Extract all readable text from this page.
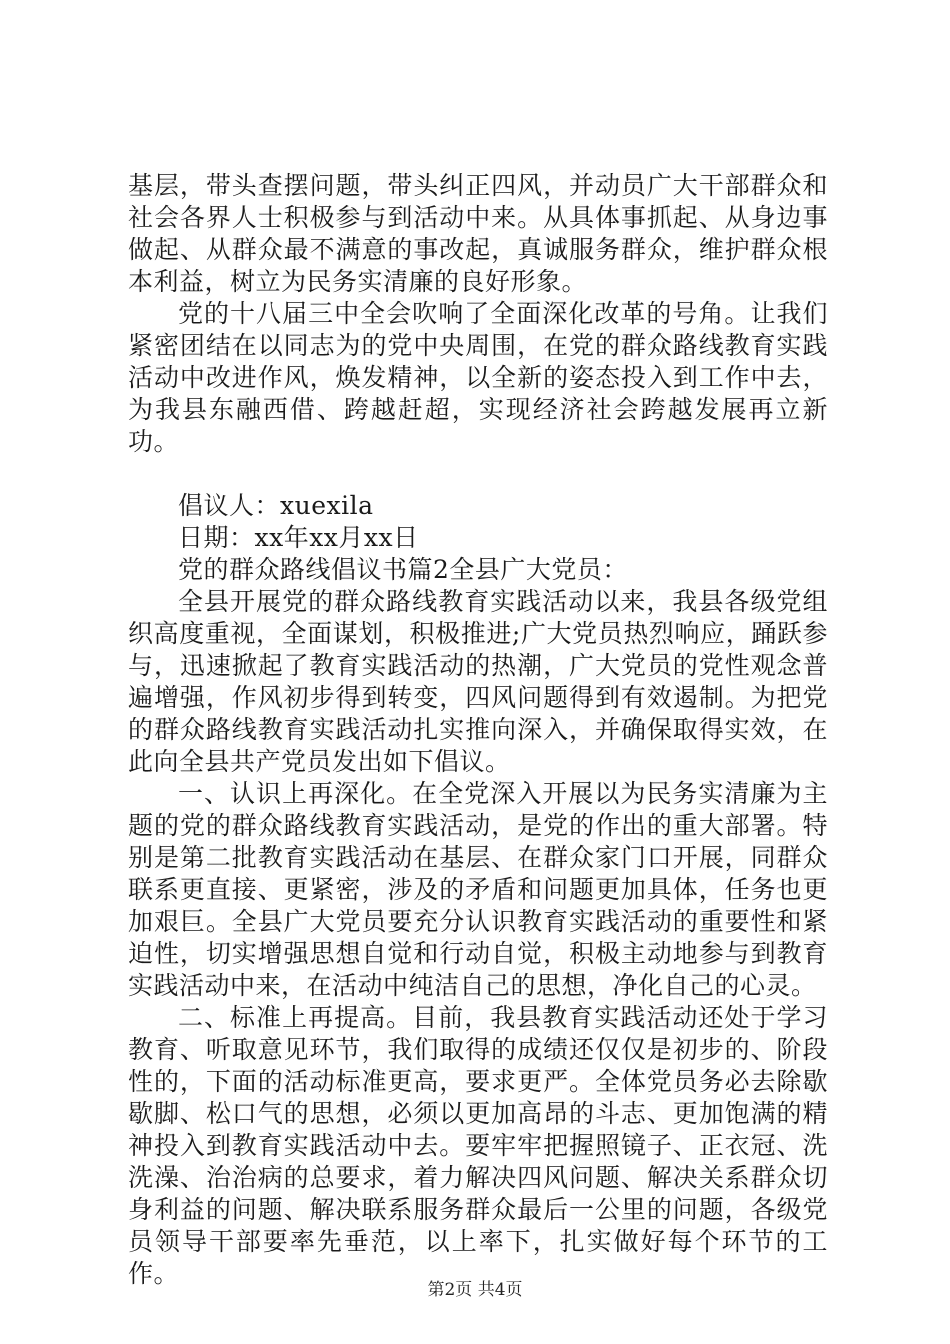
基层，带头查摆问题，带头纠正四风，并动员广大干部群众和社会各界人士积极参与到活动中来。从具体事抓起、从身边事做起、从群众最不满意的事改起，真诚服务群众，维护群众根本利益，树立为民务实清廉的良好形象。

党的十八届三中全会吹响了全面深化改革的号角。让我们紧密团结在以同志为的党中央周围，在党的群众路线教育实践活动中改进作风，焕发精神，以全新的姿态投入到工作中去，为我县东融西借、跨越赶超，实现经济社会跨越发展再立新功。

倡议人：xuexila

日期：xx年xx月xx日

党的群众路线倡议书篇2全县广大党员：

全县开展党的群众路线教育实践活动以来，我县各级党组织高度重视，全面谋划，积极推进;广大党员热烈响应，踊跃参与，迅速掀起了教育实践活动的热潮，广大党员的党性观念普遍增强，作风初步得到转变，四风问题得到有效遏制。为把党的群众路线教育实践活动扎实推向深入，并确保取得实效，在此向全县共产党员发出如下倡议。

一、认识上再深化。在全党深入开展以为民务实清廉为主题的党的群众路线教育实践活动，是党的作出的重大部署。特别是第二批教育实践活动在基层、在群众家门口开展，同群众联系更直接、更紧密，涉及的矛盾和问题更加具体，任务也更加艰巨。全县广大党员要充分认识教育实践活动的重要性和紧迫性，切实增强思想自觉和行动自觉，积极主动地参与到教育实践活动中来，在活动中纯洁自己的思想，净化自己的心灵。

二、标准上再提高。目前，我县教育实践活动还处于学习教育、听取意见环节，我们取得的成绩还仅仅是初步的、阶段性的，下面的活动标准更高，要求更严。全体党员务必去除歇歇脚、松口气的思想，必须以更加高昂的斗志、更加饱满的精神投入到教育实践活动中去。要牢牢把握照镜子、正衣冠、洗洗澡、治治病的总要求，着力解决四风问题、解决关系群众切身利益的问题、解决联系服务群众最后一公里的问题，各级党员领导干部要率先垂范，以上率下，扎实做好每个环节的工作。

第2页 共4页
